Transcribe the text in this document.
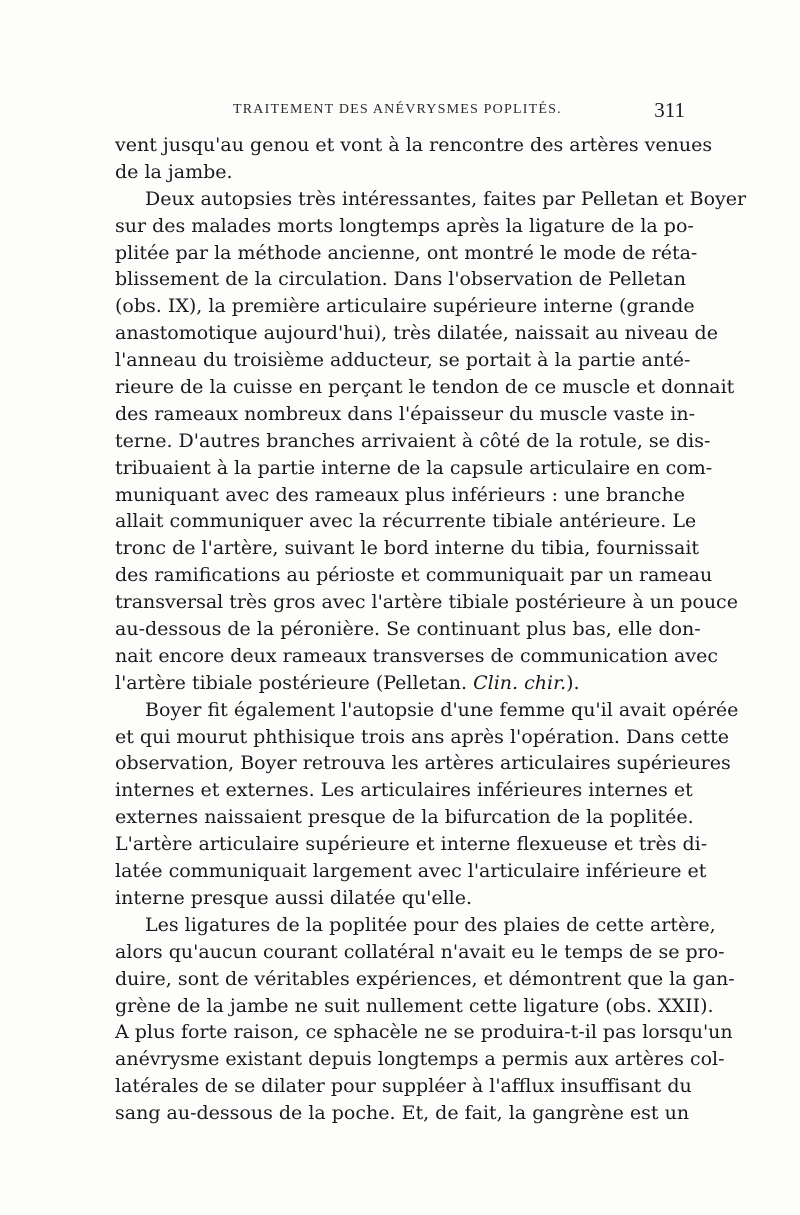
TRAITEMENT DES ANÉVRYSMES POPLITÉS.	311
vent jusqu'au genou et vont à la rencontre des artères venues
de la jambe.
Deux autopsies très intéressantes, faites par Pelletan et Boyer
sur des malades morts longtemps après la ligature de la po-
plitée par la méthode ancienne, ont montré le mode de réta-
blissement de la circulation. Dans l'observation de Pelletan
(obs. IX), la première articulaire supérieure interne (grande
anastomotique aujourd'hui), très dilatée, naissait au niveau de
l'anneau du troisième adducteur, se portait à la partie anté-
rieure de la cuisse en perçant le tendon de ce muscle et donnait
des rameaux nombreux dans l'épaisseur du muscle vaste in-
terne. D'autres branches arrivaient à côté de la rotule, se dis-
tribuaient à la partie interne de la capsule articulaire en com-
muniquant avec des rameaux plus inférieurs : une branche
allait communiquer avec la récurrente tibiale antérieure. Le
tronc de l'artère, suivant le bord interne du tibia, fournissait
des ramifications au périoste et communiquait par un rameau
transversal très gros avec l'artère tibiale postérieure à un pouce
au-dessous de la péronière. Se continuant plus bas, elle don-
nait encore deux rameaux transverses de communication avec
l'artère tibiale postérieure (Pelletan. Clin. chir.).
Boyer fit également l'autopsie d'une femme qu'il avait opérée
et qui mourut phthisique trois ans après l'opération. Dans cette
observation, Boyer retrouva les artères articulaires supérieures
internes et externes. Les articulaires inférieures internes et
externes naissaient presque de la bifurcation de la poplitée.
L'artère articulaire supérieure et interne flexueuse et très di-
latée communiquait largement avec l'articulaire inférieure et
interne presque aussi dilatée qu'elle.
Les ligatures de la poplitée pour des plaies de cette artère,
alors qu'aucun courant collatéral n'avait eu le temps de se pro-
duire, sont de véritables expériences, et démontrent que la gan-
grène de la jambe ne suit nullement cette ligature (obs. XXII).
A plus forte raison, ce sphacèle ne se produira-t-il pas lorsqu'un
anévrysme existant depuis longtemps a permis aux artères col-
latérales de se dilater pour suppléer à l'afflux insuffisant du
sang au-dessous de la poche. Et, de fait, la gangrène est un
